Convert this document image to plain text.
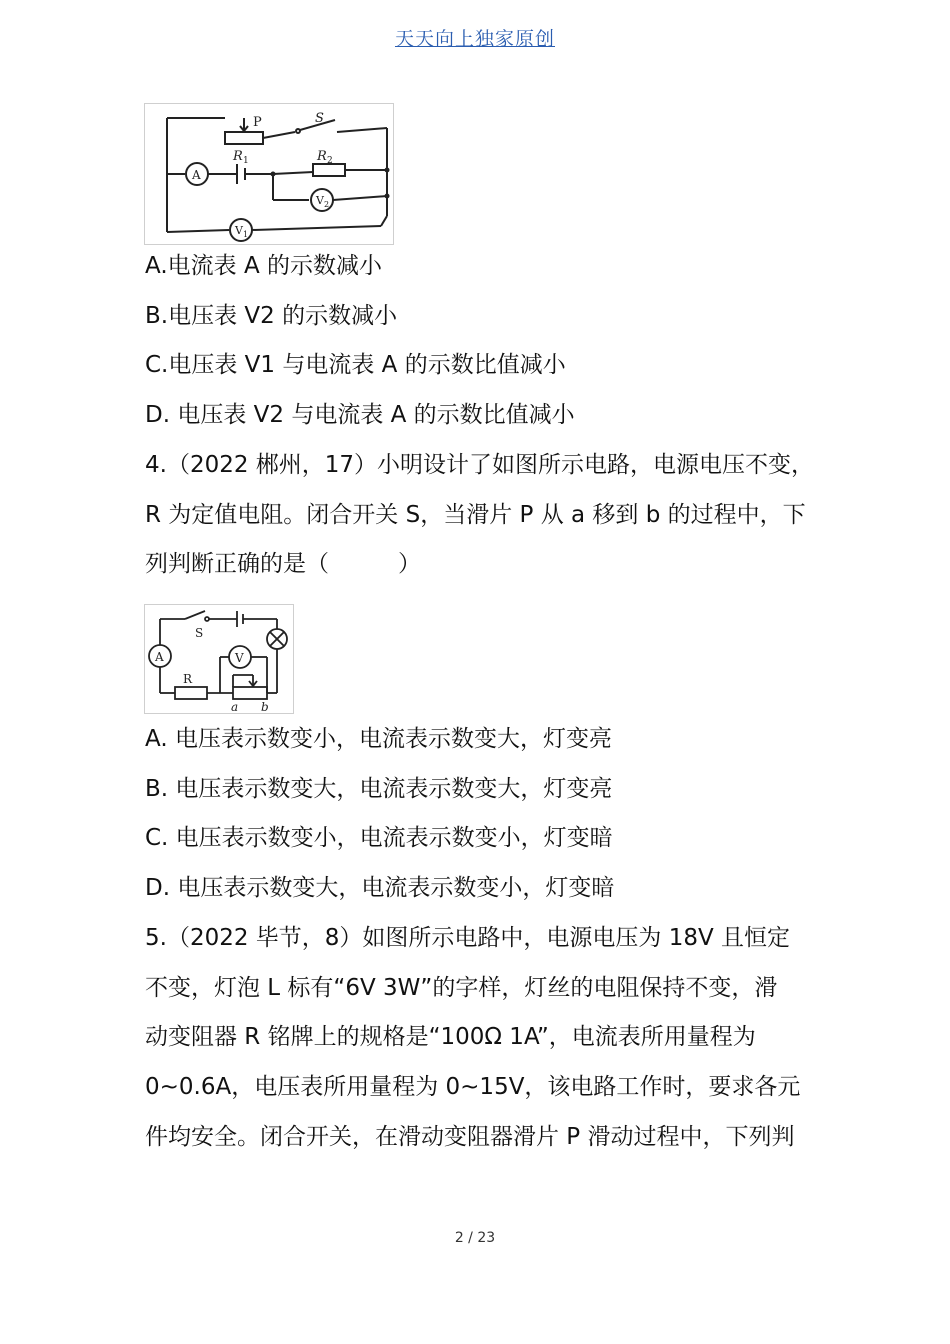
天天向上独家原创
P	S
R 1	R 2
A
V 2
V 1
A.电流表 A 的示数减小
B.电压表 V2 的示数减小
C.电压表 V1 与电流表 A 的示数比值减小
D. 电压表 V2 与电流表 A 的示数比值减小
4.（2022 郴州，17）小明设计了如图所示电路，电源电压不变，
R 为定值电阻。闭合开关 S，当滑片 P 从 a 移到 b 的过程中，下
列判断正确的是（　　　）
S
A	V
R
a b
A. 电压表示数变小，电流表示数变大，灯变亮
B. 电压表示数变大，电流表示数变大，灯变亮
C. 电压表示数变小，电流表示数变小，灯变暗
D. 电压表示数变大，电流表示数变小，灯变暗
5.（2022 毕节，8）如图所示电路中，电源电压为 18V 且恒定
不变，灯泡 L 标有“6V 3W”的字样，灯丝的电阻保持不变，滑
动变阻器 R 铭牌上的规格是“100Ω 1A”，电流表所用量程为
0~0.6A，电压表所用量程为 0~15V，该电路工作时，要求各元
件均安全。闭合开关，在滑动变阻器滑片 P 滑动过程中，下列判
2 / 23
